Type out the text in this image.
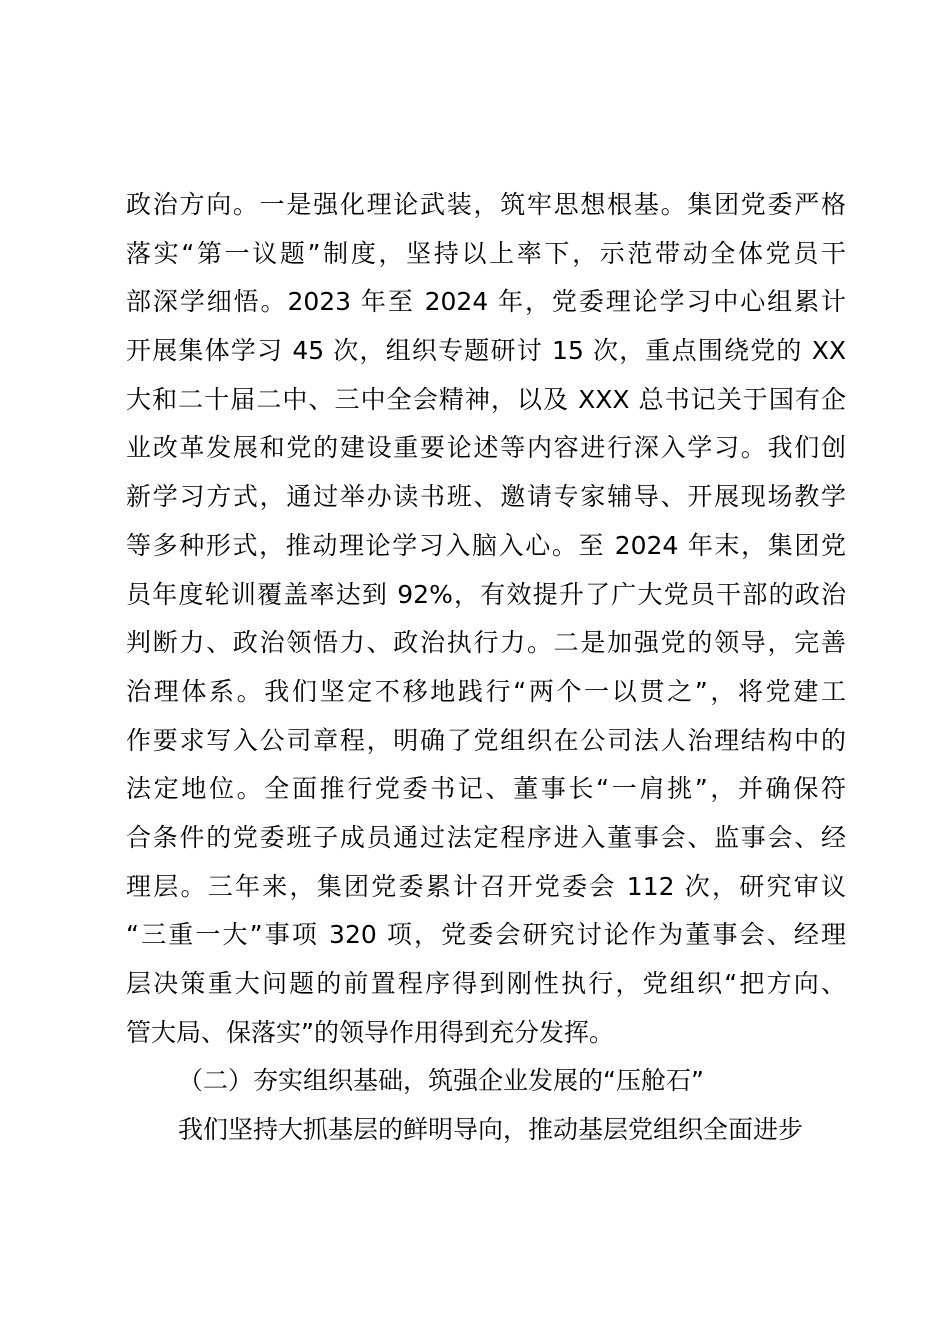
政治方向。一是强化理论武装，筑牢思想根基。集团党委严格
落实“第一议题”制度，坚持以上率下，示范带动全体党员干
部深学细悟。2023 年至 2024 年，党委理论学习中心组累计
开展集体学习 45 次，组织专题研讨 15 次，重点围绕党的 XX
大和二十届二中、三中全会精神，以及 XXX 总书记关于国有企
业改革发展和党的建设重要论述等内容进行深入学习。我们创
新学习方式，通过举办读书班、邀请专家辅导、开展现场教学
等多种形式，推动理论学习入脑入心。至 2024 年末，集团党
员年度轮训覆盖率达到 92%，有效提升了广大党员干部的政治
判断力、政治领悟力、政治执行力。二是加强党的领导，完善
治理体系。我们坚定不移地践行“两个一以贯之”，将党建工
作要求写入公司章程，明确了党组织在公司法人治理结构中的
法定地位。全面推行党委书记、董事长“一肩挑”，并确保符
合条件的党委班子成员通过法定程序进入董事会、监事会、经
理层。三年来，集团党委累计召开党委会 112 次，研究审议
“三重一大”事项 320 项，党委会研究讨论作为董事会、经理
层决策重大问题的前置程序得到刚性执行，党组织“把方向、
管大局、保落实”的领导作用得到充分发挥。
（二）夯实组织基础，筑强企业发展的“压舱石”
我们坚持大抓基层的鲜明导向，推动基层党组织全面进步
